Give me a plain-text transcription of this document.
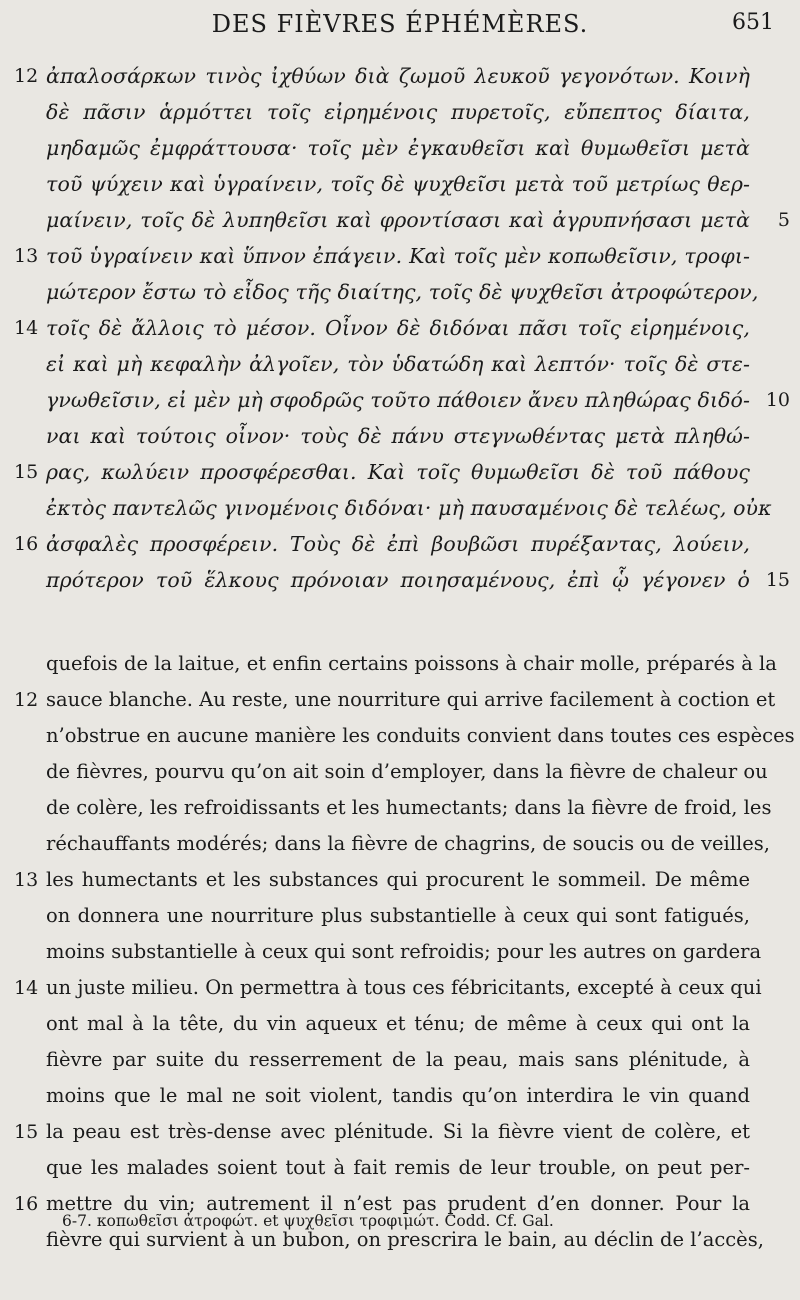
DES FIÈVRES ÉPHÉMÈRES.	651
12 ἀπαλοσάρκων τινὸς ἰχθύων διὰ ζωμοῦ λευκοῦ γεγονότων. Κοινὴ
δὲ πᾶσιν ἁρμόττει τοῖς εἰρημένοις πυρετοῖς, εὔπεπτος δίαιτα,
μηδαμῶς ἐμφράττουσα· τοῖς μὲν ἐγκαυθεῖσι καὶ θυμωθεῖσι μετὰ
τοῦ ψύχειν καὶ ὑγραίνειν, τοῖς δὲ ψυχθεῖσι μετὰ τοῦ μετρίως θερ-
μαίνειν, τοῖς δὲ λυπηθεῖσι καὶ φροντίσασι καὶ ἀγρυπνήσασι μετὰ 5
13 τοῦ ὑγραίνειν καὶ ὕπνον ἐπάγειν. Καὶ τοῖς μὲν κοπωθεῖσιν, τροφι-
μώτερον ἔστω τὸ εἶδος τῆς διαίτης, τοῖς δὲ ψυχθεῖσι ἀτροφώτερον,
14 τοῖς δὲ ἄλλοις τὸ μέσον. Οἶνον δὲ διδόναι πᾶσι τοῖς εἰρημένοις,
εἰ καὶ μὴ κεφαλὴν ἀλγοῖεν, τὸν ὑδατώδη καὶ λεπτόν· τοῖς δὲ στε-
γνωθεῖσιν, εἰ μὲν μὴ σφοδρῶς τοῦτο πάθοιεν ἄνευ πληθώρας διδό- 10
ναι καὶ τούτοις οἶνον· τοὺς δὲ πάνυ στεγνωθέντας μετὰ πληθώ-
15 ρας, κωλύειν προσφέρεσθαι. Καὶ τοῖς θυμωθεῖσι δὲ τοῦ πάθους
ἐκτὸς παντελῶς γινομένοις διδόναι· μὴ παυσαμένοις δὲ τελέως, οὐκ
16 ἀσφαλὲς προσφέρειν. Τοὺς δὲ ἐπὶ βουβῶσι πυρέξαντας, λούειν,
πρότερον τοῦ ἕλκους πρόνοιαν ποιησαμένους, ἐπὶ ᾧ γέγονεν ὁ 15
quefois de la laitue, et enfin certains poissons à chair molle, préparés à la
12 sauce blanche. Au reste, une nourriture qui arrive facilement à coction et
n’obstrue en aucune manière les conduits convient dans toutes ces espèces
de fièvres, pourvu qu’on ait soin d’employer, dans la fièvre de chaleur ou
de colère, les refroidissants et les humectants; dans la fièvre de froid, les
réchauffants modérés; dans la fièvre de chagrins, de soucis ou de veilles,
13 les humectants et les substances qui procurent le sommeil. De même
on donnera une nourriture plus substantielle à ceux qui sont fatigués,
moins substantielle à ceux qui sont refroidis; pour les autres on gardera
14 un juste milieu. On permettra à tous ces fébricitants, excepté à ceux qui
ont mal à la tête, du vin aqueux et ténu; de même à ceux qui ont la
fièvre par suite du resserrement de la peau, mais sans plénitude, à
moins que le mal ne soit violent, tandis qu’on interdira le vin quand
15 la peau est très-dense avec plénitude. Si la fièvre vient de colère, et
que les malades soient tout à fait remis de leur trouble, on peut per-
16 mettre du vin; autrement il n’est pas prudent d’en donner. Pour la
fièvre qui survient à un bubon, on prescrira le bain, au déclin de l’accès,
6-7. κοπωθεῖσι ἀτροφώτ. et ψυχθεῖσι τροφιμώτ. Codd. Cf. Gal.
